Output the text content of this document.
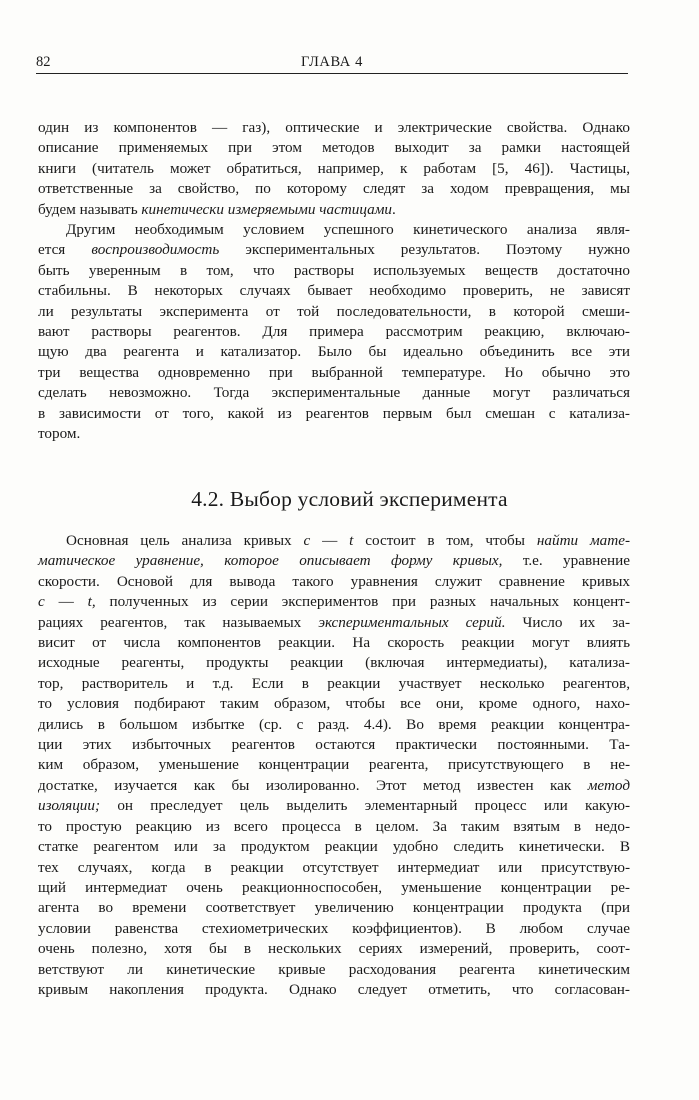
82	ГЛАВА 4
один из компонентов — газ), оптические и электрические свойства. Однако
описание применяемых при этом методов выходит за рамки настоящей
книги (читатель может обратиться, например, к работам [5, 46]). Частицы,
ответственные за свойство, по которому следят за ходом превращения, мы
будем называть кинетически измеряемыми частицами.
Другим необходимым условием успешного кинетического анализа явля-
ется воспроизводимость экспериментальных результатов. Поэтому нужно
быть уверенным в том, что растворы используемых веществ достаточно
стабильны. В некоторых случаях бывает необходимо проверить, не зависят
ли результаты эксперимента от той последовательности, в которой смеши-
вают растворы реагентов. Для примера рассмотрим реакцию, включаю-
щую два реагента и катализатор. Было бы идеально объединить все эти
три вещества одновременно при выбранной температуре. Но обычно это
сделать невозможно. Тогда экспериментальные данные могут различаться
в зависимости от того, какой из реагентов первым был смешан с катализа-
тором.
4.2. Выбор условий эксперимента
Основная цель анализа кривых c — t состоит в том, чтобы найти мате-
матическое уравнение, которое описывает форму кривых, т.е. уравнение
скорости. Основой для вывода такого уравнения служит сравнение кривых
c — t, полученных из серии экспериментов при разных начальных концент-
рациях реагентов, так называемых экспериментальных серий. Число их за-
висит от числа компонентов реакции. На скорость реакции могут влиять
исходные реагенты, продукты реакции (включая интермедиаты), катализа-
тор, растворитель и т.д. Если в реакции участвует несколько реагентов,
то условия подбирают таким образом, чтобы все они, кроме одного, нахо-
дились в большом избытке (ср. с разд. 4.4). Во время реакции концентра-
ции этих избыточных реагентов остаются практически постоянными. Та-
ким образом, уменьшение концентрации реагента, присутствующего в не-
достатке, изучается как бы изолированно. Этот метод известен как метод
изоляции; он преследует цель выделить элементарный процесс или какую-
то простую реакцию из всего процесса в целом. За таким взятым в недо-
статке реагентом или за продуктом реакции удобно следить кинетически. В
тех случаях, когда в реакции отсутствует интермедиат или присутствую-
щий интермедиат очень реакционноспособен, уменьшение концентрации ре-
агента во времени соответствует увеличению концентрации продукта (при
условии равенства стехиометрических коэффициентов). В любом случае
очень полезно, хотя бы в нескольких сериях измерений, проверить, соот-
ветствуют ли кинетические кривые расходования реагента кинетическим
кривым накопления продукта. Однако следует отметить, что согласован-
